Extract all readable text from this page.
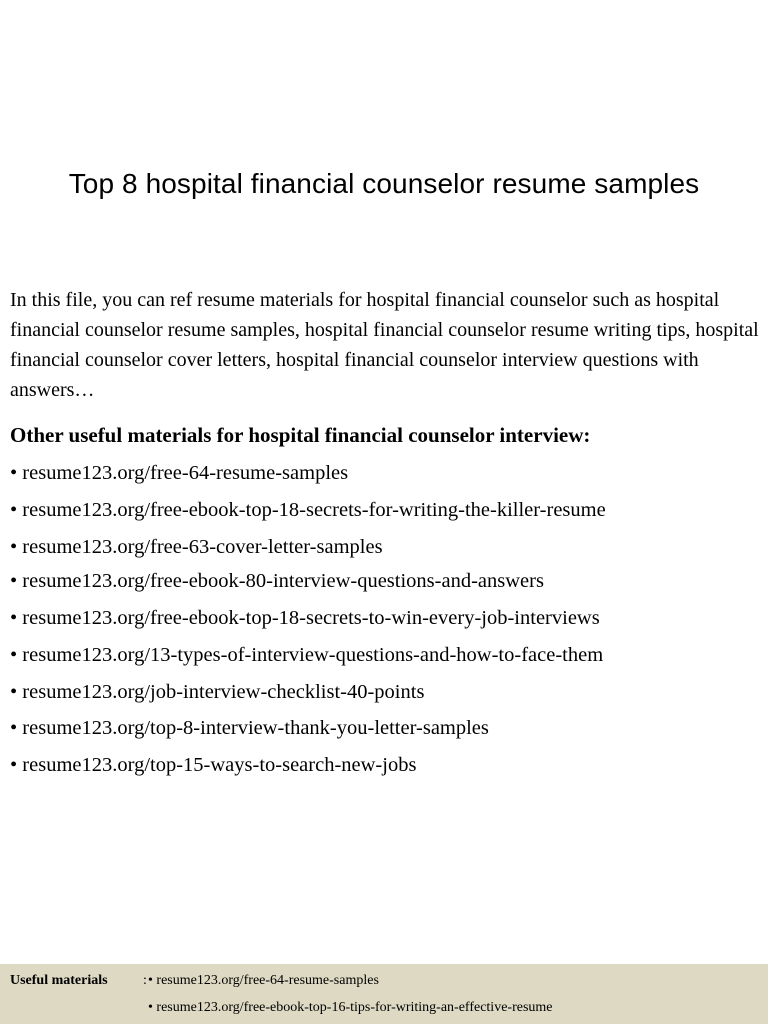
Top 8 hospital financial counselor resume samples

In this file, you can ref resume materials for hospital financial counselor such as hospital financial counselor resume samples, hospital financial counselor resume writing tips, hospital financial counselor cover letters, hospital financial counselor interview questions with answers…

Other useful materials for hospital financial counselor interview:
• resume123.org/free-64-resume-samples
• resume123.org/free-ebook-top-18-secrets-for-writing-the-killer-resume
• resume123.org/free-63-cover-letter-samples
• resume123.org/free-ebook-80-interview-questions-and-answers
• resume123.org/free-ebook-top-18-secrets-to-win-every-job-interviews
• resume123.org/13-types-of-interview-questions-and-how-to-face-them
• resume123.org/job-interview-checklist-40-points
• resume123.org/top-8-interview-thank-you-letter-samples
• resume123.org/top-15-ways-to-search-new-jobs
Useful materials	: • resume123.org/free-64-resume-samples
• resume123.org/free-ebook-top-16-tips-for-writing-an-effective-resume
